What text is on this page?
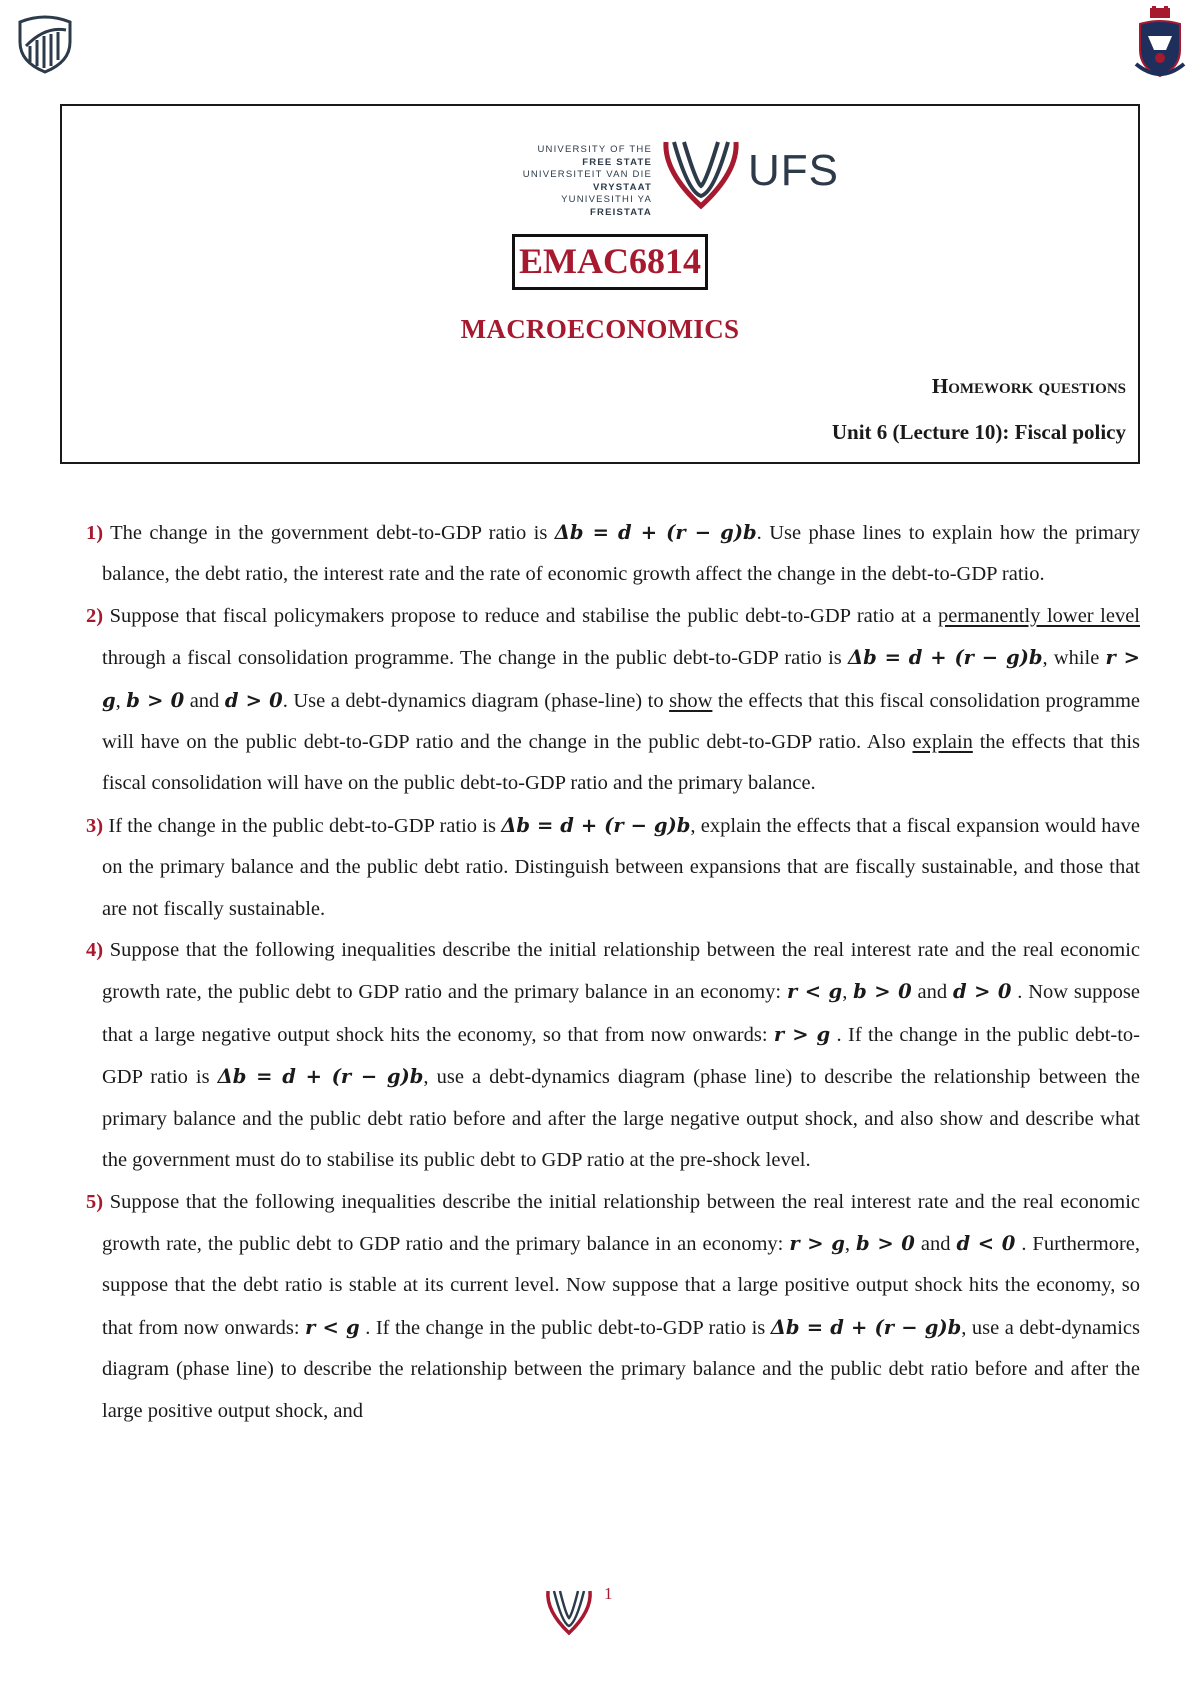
UNIVERSITY OF THE
FREE STATE
UNIVERSITEIT VAN DIE
VRYSTAAT
YUNIVESITHI YA
FREISTATA
UFS
EMAC6814
MACROECONOMICS
Homework questions
Unit 6 (Lecture 10): Fiscal policy

1) The change in the government debt-to-GDP ratio is Δb = d + (r − g)b. Use phase lines to explain how the primary balance, the debt ratio, the interest rate and the rate of economic growth affect the change in the debt-to-GDP ratio.

2) Suppose that fiscal policymakers propose to reduce and stabilise the public debt-to-GDP ratio at a permanently lower level through a fiscal consolidation programme. The change in the public debt-to-GDP ratio is Δb = d + (r − g)b, while r > g, b > 0 and d > 0. Use a debt-dynamics diagram (phase-line) to show the effects that this fiscal consolidation programme will have on the public debt-to-GDP ratio and the change in the public debt-to-GDP ratio. Also explain the effects that this fiscal consolidation will have on the public debt-to-GDP ratio and the primary balance.

3) If the change in the public debt-to-GDP ratio is Δb = d + (r − g)b, explain the effects that a fiscal expansion would have on the primary balance and the public debt ratio. Distinguish between expansions that are fiscally sustainable, and those that are not fiscally sustainable.

4) Suppose that the following inequalities describe the initial relationship between the real interest rate and the real economic growth rate, the public debt to GDP ratio and the primary balance in an economy: r < g, b > 0 and d > 0 . Now suppose that a large negative output shock hits the economy, so that from now onwards: r > g . If the change in the public debt-to-GDP ratio is Δb = d + (r − g)b, use a debt-dynamics diagram (phase line) to describe the relationship between the primary balance and the public debt ratio before and after the large negative output shock, and also show and describe what the government must do to stabilise its public debt to GDP ratio at the pre-shock level.

5) Suppose that the following inequalities describe the initial relationship between the real interest rate and the real economic growth rate, the public debt to GDP ratio and the primary balance in an economy: r > g, b > 0 and d < 0 . Furthermore, suppose that the debt ratio is stable at its current level. Now suppose that a large positive output shock hits the economy, so that from now onwards: r < g . If the change in the public debt-to-GDP ratio is Δb = d + (r − g)b, use a debt-dynamics diagram (phase line) to describe the relationship between the primary balance and the public debt ratio before and after the large positive output shock, and

1
